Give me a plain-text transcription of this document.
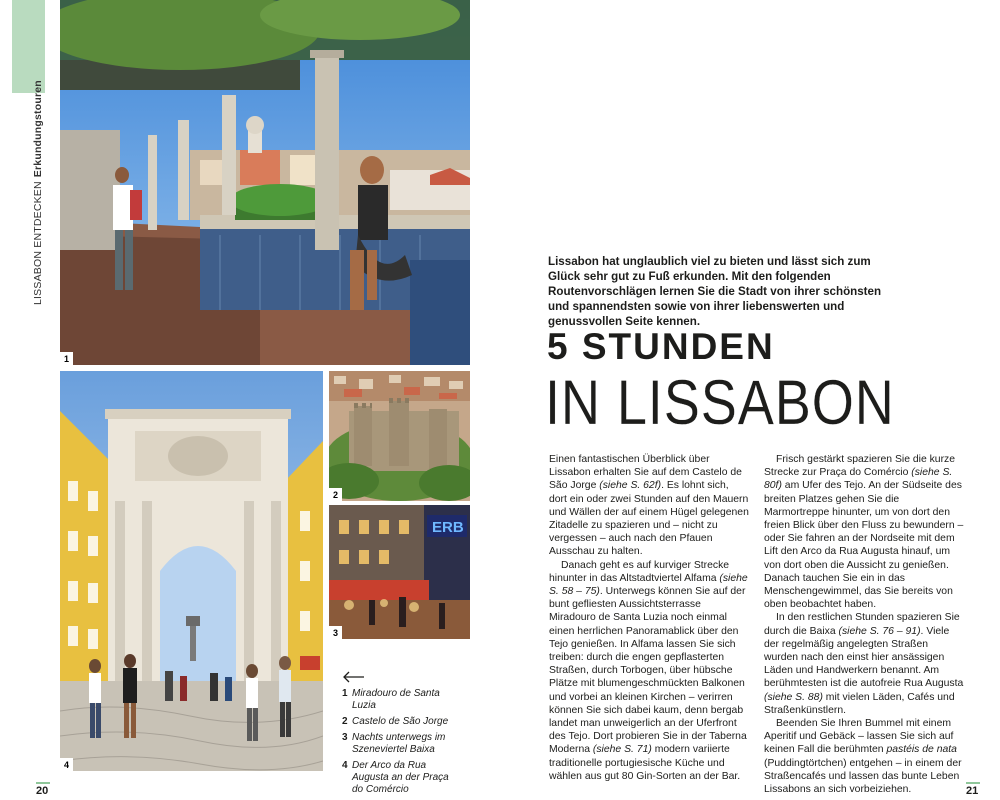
LISSABON ENTDECKENErkundungstouren
1
2
ERB
3
4
1 Miradouro de Santa Luzia
2 Castelo de São Jorge
3 Nachts unterwegs im Szeneviertel Baixa
4 Der Arco da Rua Augusta an der Praça do Comércio
20	21
Lissabon hat unglaublich viel zu bieten und lässt sich zum Glück sehr gut zu Fuß erkunden. Mit den folgenden Routenvorschlägen lernen Sie die Stadt von ihrer schönsten und spannendsten sowie von ihrer liebenswerten und genussvollen Seite kennen.
5 STUNDEN
IN LISSABON

Einen fantastischen Überblick über Lissabon erhalten Sie auf dem Castelo de São Jorge (siehe S. 62f). Es lohnt sich, dort ein oder zwei Stunden auf den Mauern und Wällen der auf einem Hügel gelegenen Zitadelle zu spazieren und – nicht zu vergessen – auch nach den Pfauen Ausschau zu halten.

Danach geht es auf kurviger Strecke hinunter in das Altstadtviertel Alfama (siehe S. 58 – 75). Unterwegs können Sie auf der bunt gefliesten Aussichtsterrasse Miradouro de Santa Luzia noch einmal einen herrlichen Panoramablick über den Tejo genießen. In Alfama lassen Sie sich treiben: durch die engen gepflasterten Straßen, durch Torbogen, über hübsche Plätze mit blumengeschmückten Balkonen und vorbei an kleinen Kirchen – verirren können Sie sich dabei kaum, denn bergab landet man unweigerlich an der Uferfront des Tejo. Dort probieren Sie in der Taberna Moderna (siehe S. 71) modern variierte traditionelle portugiesische Küche und wählen aus gut 80 Gin-Sorten an der Bar.

Frisch gestärkt spazieren Sie die kurze Strecke zur Praça do Comércio (siehe S. 80f) am Ufer des Tejo. An der Südseite des breiten Platzes gehen Sie die Marmortreppe hinunter, um von dort den freien Blick über den Fluss zu bewundern – oder Sie fahren an der Nordseite mit dem Lift den Arco da Rua Augusta hinauf, um von dort oben die Aussicht zu genießen. Danach tauchen Sie ein in das Menschengewimmel, das Sie bereits von oben beobachtet haben.

In den restlichen Stunden spazieren Sie durch die Baixa (siehe S. 76 – 91). Viele der regelmäßig angelegten Straßen wurden nach den einst hier ansässigen Läden und Handwerkern benannt. Am berühmtesten ist die autofreie Rua Augusta (siehe S. 88) mit vielen Läden, Cafés und Straßenkünstlern.

Beenden Sie Ihren Bummel mit einem Aperitif und Gebäck – lassen Sie sich auf keinen Fall die berühmten pastéis de nata (Puddingtörtchen) entgehen – in einem der Straßencafés und lassen das bunte Leben Lissabons an sich vorbeiziehen.
